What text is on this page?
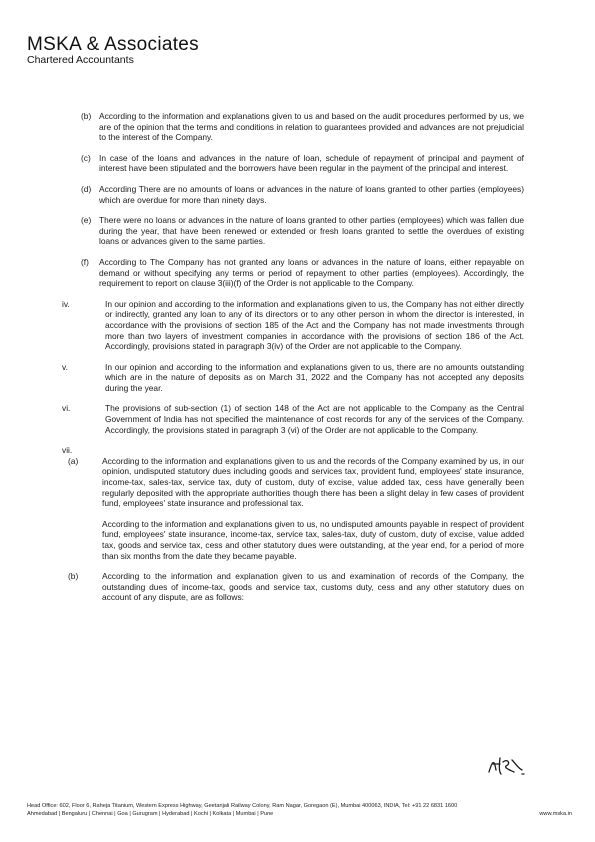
MSKA & Associates
Chartered Accountants
(b) According to the information and explanations given to us and based on the audit procedures performed by us, we are of the opinion that the terms and conditions in relation to guarantees provided and advances are not prejudicial to the interest of the Company.
(c) In case of the loans and advances in the nature of loan, schedule of repayment of principal and payment of interest have been stipulated and the borrowers have been regular in the payment of the principal and interest.
(d) According There are no amounts of loans or advances in the nature of loans granted to other parties (employees) which are overdue for more than ninety days.
(e) There were no loans or advances in the nature of loans granted to other parties (employees) which was fallen due during the year, that have been renewed or extended or fresh loans granted to settle the overdues of existing loans or advances given to the same parties.
(f)	According to The Company has not granted any loans or advances in the nature of loans, either repayable on demand or without specifying any terms or period of repayment to other parties (employees). Accordingly, the requirement to report on clause 3(iii)(f) of the Order is not applicable to the Company.
iv.	In our opinion and according to the information and explanations given to us, the Company has not either directly or indirectly, granted any loan to any of its directors or to any other person in whom the director is interested, in accordance with the provisions of section 185 of the Act and the Company has not made investments through more than two layers of investment companies in accordance with the provisions of section 186 of the Act. Accordingly, provisions stated in paragraph 3(iv) of the Order are not applicable to the Company.
v.	In our opinion and according to the information and explanations given to us, there are no amounts outstanding which are in the nature of deposits as on March 31, 2022 and the Company has not accepted any deposits during the year.
vi.	The provisions of sub-section (1) of section 148 of the Act are not applicable to the Company as the Central Government of India has not specified the maintenance of cost records for any of the services of the Company. Accordingly, the provisions stated in paragraph 3 (vi) of the Order are not applicable to the Company.
vii.
(a)	According to the information and explanations given to us and the records of the Company examined by us, in our opinion, undisputed statutory dues including goods and services tax, provident fund, employees' state insurance, income-tax, sales-tax, service tax, duty of custom, duty of excise, value added tax, cess have generally been regularly deposited with the appropriate authorities though there has been a slight delay in few cases of provident fund, employees' state insurance and professional tax.
According to the information and explanations given to us, no undisputed amounts payable in respect of provident fund, employees' state insurance, income-tax, service tax, sales-tax, duty of custom, duty of excise, value added tax, goods and service tax, cess and other statutory dues were outstanding, at the year end, for a period of more than six months from the date they became payable.
(b)	According to the information and explanation given to us and examination of records of the Company, the outstanding dues of income-tax, goods and service tax, customs duty, cess and any other statutory dues on account of any dispute, are as follows:
Head Office: 602, Floor 6, Raheja Titanium, Western Express Highway, Geetanjali Railway Colony, Ram Nagar, Goregaon (E), Mumbai 400063, INDIA, Tel: +91 22 6831 1600
Ahmedabad | Bengaluru | Chennai | Goa | Gurugram | Hyderabad | Kochi | Kolkata | Mumbai | Pune	www.mska.in
